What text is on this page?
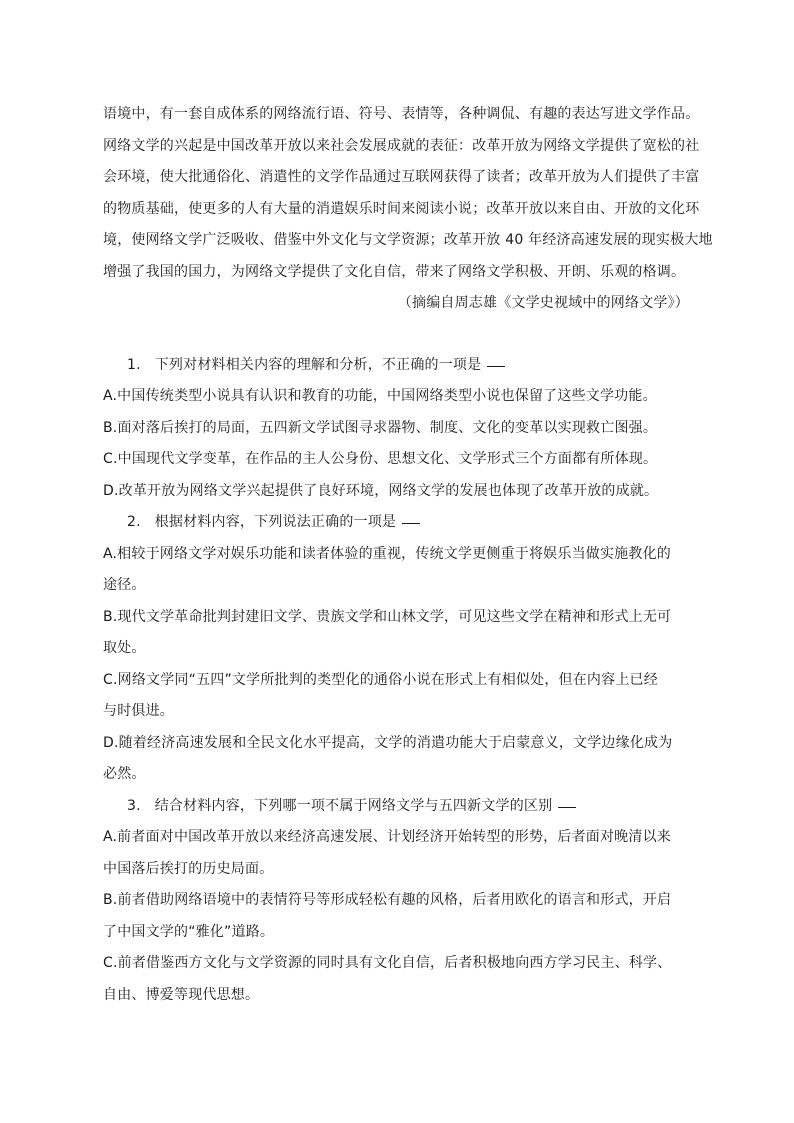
语境中，有一套自成体系的网络流行语、符号、表情等，各种调侃、有趣的表达写进文学作品。
网络文学的兴起是中国改革开放以来社会发展成就的表征：改革开放为网络文学提供了宽松的社
会环境，使大批通俗化、消遣性的文学作品通过互联网获得了读者；改革开放为人们提供了丰富
的物质基础，使更多的人有大量的消遣娱乐时间来阅读小说；改革开放以来自由、开放的文化环
境，使网络文学广泛吸收、借鉴中外文化与文学资源；改革开放 40 年经济高速发展的现实极大地
增强了我国的国力，为网络文学提供了文化自信，带来了网络文学积极、开朗、乐观的格调。
（摘编自周志雄《文学史视域中的网络文学》）
1. 下列对材料相关内容的理解和分析，不正确的一项是
A.中国传统类型小说具有认识和教育的功能，中国网络类型小说也保留了这些文学功能。
B.面对落后挨打的局面，五四新文学试图寻求器物、制度、文化的变革以实现救亡图强。
C.中国现代文学变革，在作品的主人公身份、思想文化、文学形式三个方面都有所体现。
D.改革开放为网络文学兴起提供了良好环境，网络文学的发展也体现了改革开放的成就。
2. 根据材料内容，下列说法正确的一项是
A.相较于网络文学对娱乐功能和读者体验的重视，传统文学更侧重于将娱乐当做实施教化的
途径。
B.现代文学革命批判封建旧文学、贵族文学和山林文学，可见这些文学在精神和形式上无可
取处。
C.网络文学同“五四”文学所批判的类型化的通俗小说在形式上有相似处，但在内容上已经
与时俱进。
D.随着经济高速发展和全民文化水平提高，文学的消遣功能大于启蒙意义，文学边缘化成为
必然。
3. 结合材料内容，下列哪一项不属于网络文学与五四新文学的区别
A.前者面对中国改革开放以来经济高速发展、计划经济开始转型的形势，后者面对晚清以来
中国落后挨打的历史局面。
B.前者借助网络语境中的表情符号等形成轻松有趣的风格，后者用欧化的语言和形式，开启
了中国文学的“雅化”道路。
C.前者借鉴西方文化与文学资源的同时具有文化自信，后者积极地向西方学习民主、科学、
自由、博爱等现代思想。
